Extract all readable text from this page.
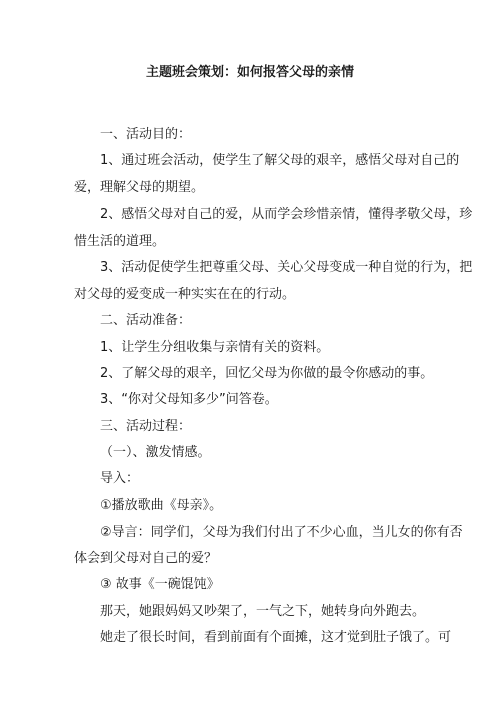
主题班会策划：如何报答父母的亲情
一、活动目的：
1、通过班会活动，使学生了解父母的艰辛，感悟父母对自己的
爱，理解父母的期望。
2、感悟父母对自己的爱，从而学会珍惜亲情，懂得孝敬父母，珍
惜生活的道理。
3、活动促使学生把尊重父母、关心父母变成一种自觉的行为，把
对父母的爱变成一种实实在在的行动。
二、活动准备：
1、让学生分组收集与亲情有关的资料。
2、了解父母的艰辛，回忆父母为你做的最令你感动的事。
3、“你对父母知多少”问答卷。
三、活动过程：
（一）、激发情感。
导入：
①播放歌曲《母亲》。
②导言：同学们，父母为我们付出了不少心血，当儿女的你有否
体会到父母对自己的爱？
③ 故事《一碗馄饨》
那天，她跟妈妈又吵架了，一气之下，她转身向外跑去。
她走了很长时间，看到前面有个面摊，这才觉到肚子饿了。可
